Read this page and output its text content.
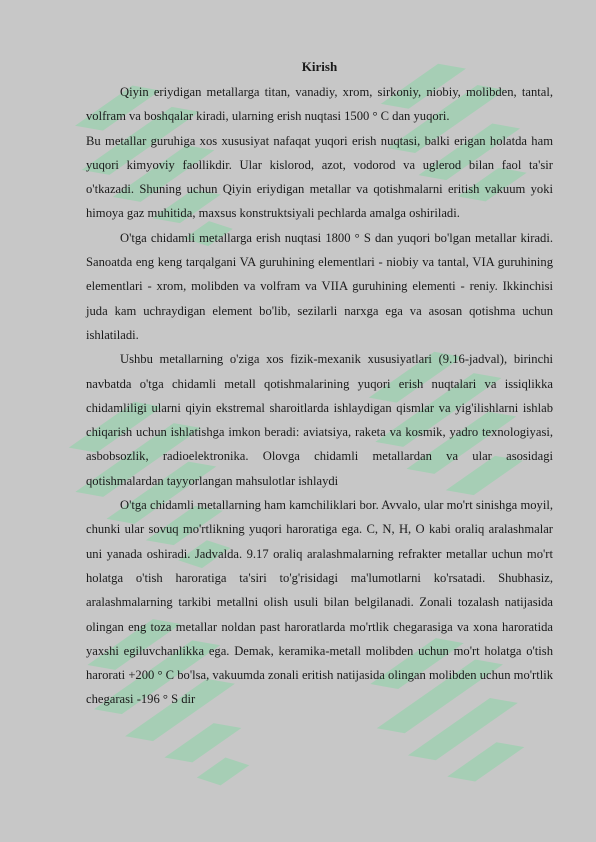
Kirish

Qiyin eriydigan metallarga titan, vanadiy, xrom, sirkoniy, niobiy, molibden, tantal, volfram va boshqalar kiradi, ularning erish nuqtasi 1500 ° C dan yuqori.

Bu metallar guruhiga xos xususiyat nafaqat yuqori erish nuqtasi, balki erigan holatda ham yuqori kimyoviy faollikdir. Ular kislorod, azot, vodorod va uglerod bilan faol ta'sir o'tkazadi. Shuning uchun Qiyin eriydigan metallar va qotishmalarni eritish vakuum yoki himoya gaz muhitida, maxsus konstruktsiyali pechlarda amalga oshiriladi.

O'tga chidamli metallarga erish nuqtasi 1800 ° S dan yuqori bo'lgan metallar kiradi. Sanoatda eng keng tarqalgani VA guruhining elementlari - niobiy va tantal, VIA guruhining elementlari - xrom, molibden va volfram va VIIA guruhining elementi - reniy. Ikkinchisi juda kam uchraydigan element bo'lib, sezilarli narxga ega va asosan qotishma uchun ishlatiladi.

Ushbu metallarning o'ziga xos fizik-mexanik xususiyatlari (9.16-jadval), birinchi navbatda o'tga chidamli metall qotishmalarining yuqori erish nuqtalari va issiqlikka chidamliligi ularni qiyin ekstremal sharoitlarda ishlaydigan qismlar va yig'ilishlarni ishlab chiqarish uchun ishlatishga imkon beradi: aviatsiya, raketa va kosmik, yadro texnologiyasi, asbobsozlik, radioelektronika. Olovga chidamli metallardan va ular asosidagi qotishmalardan tayyorlangan mahsulotlar ishlaydi

O'tga chidamli metallarning ham kamchiliklari bor. Avvalo, ular mo'rt sinishga moyil, chunki ular sovuq mo'rtlikning yuqori haroratiga ega. C, N, H, O kabi oraliq aralashmalar uni yanada oshiradi. Jadvalda. 9.17 oraliq aralashmalarning refrakter metallar uchun mo'rt holatga o'tish haroratiga ta'siri to'g'risidagi ma'lumotlarni ko'rsatadi. Shubhasiz, aralashmalarning tarkibi metallni olish usuli bilan belgilanadi. Zonali tozalash natijasida olingan eng toza metallar noldan past haroratlarda mo'rtlik chegarasiga va xona haroratida yaxshi egiluvchanlikka ega. Demak, keramika-metall molibden uchun mo'rt holatga o'tish harorati +200 ° C bo'lsa, vakuumda zonali eritish natijasida olingan molibden uchun mo'rtlik chegarasi -196 ° S dir
